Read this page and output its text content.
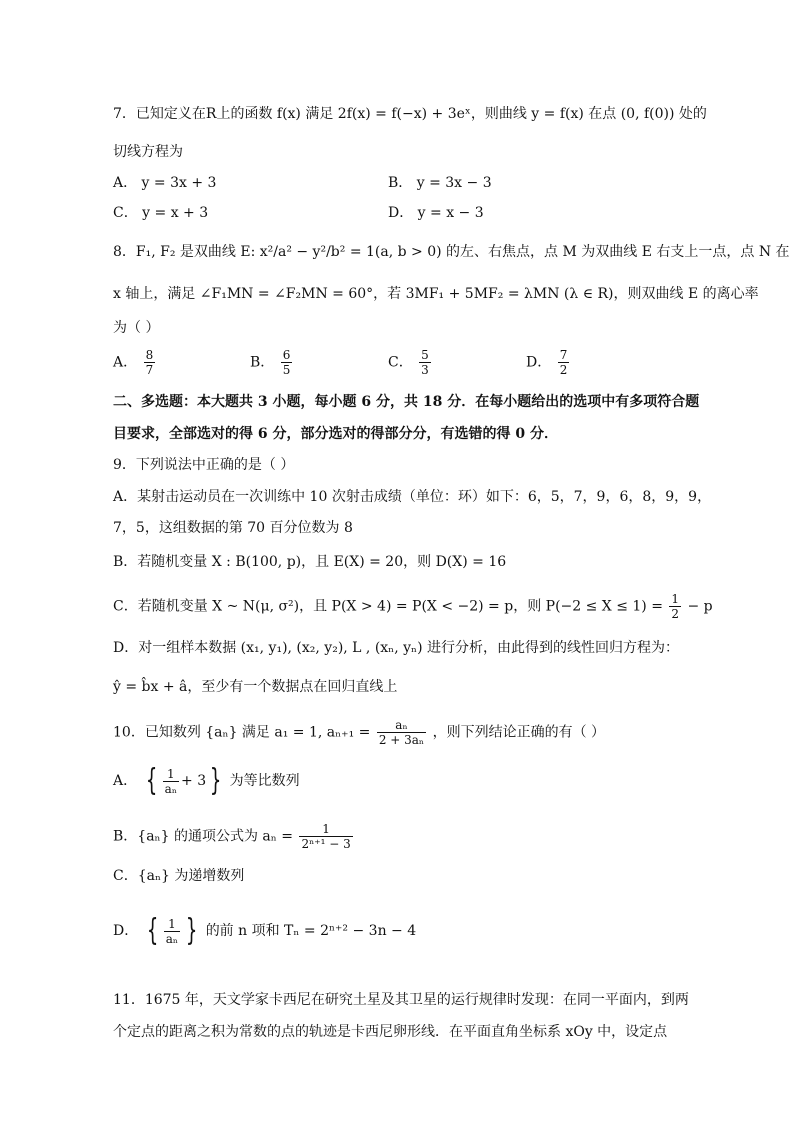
7．已知定义在R上的函数 f(x) 满足 2f(x) = f(−x) + 3eˣ，则曲线 y = f(x) 在点 (0, f(0)) 处的
切线方程为
A． y = 3x + 3	B． y = 3x − 3
C． y = x + 3	D． y = x − 3
8．F₁, F₂ 是双曲线 E: x²/a² − y²/b² = 1(a, b > 0) 的左、右焦点，点 M 为双曲线 E 右支上一点，点 N 在
x 轴上，满足 ∠F₁MN = ∠F₂MN = 60°，若 3MF₁ + 5MF₂ = λMN (λ ∈ R)，则双曲线 E 的离心率
为（ ）
A． $\frac{8}{7}$	B． $\frac{6}{5}$	C． $\frac{5}{3}$	D． $\frac{7}{2}$
二、多选题：本大题共 3 小题，每小题 6 分，共 18 分．在每小题给出的选项中有多项符合题
目要求，全部选对的得 6 分，部分选对的得部分分，有选错的得 0 分．
9．下列说法中正确的是（ ）
A．某射击运动员在一次训练中 10 次射击成绩（单位：环）如下：6，5，7，9，6，8，9，9，
7，5，这组数据的第 70 百分位数为 8
B．若随机变量 X : B(100, p)，且 E(X) = 20，则 D(X) = 16
C．若随机变量 X ~ N(μ, σ²)，且 P(X > 4) = P(X < −2) = p，则 $P(-2 \le X \le 1) = \frac{1}{2} - p$
D．对一组样本数据 (x₁, y₁), (x₂, y₂), L , (xₙ, yₙ) 进行分析，由此得到的线性回归方程为：
ŷ = b̂x + â，至少有一个数据点在回归直线上
10．已知数列 {aₙ} 满足 a₁ = 1, $a_{n+1} = \frac{\text{aₙ}}{\text{2 + 3aₙ}}$ ，则下列结论正确的有（ ）
A． { $\frac{1}{\text{aₙ}} + 3$ } 为等比数列
B．{aₙ} 的通项公式为 $a_n = \frac{1}{\text{2ⁿ⁺¹ − 3}}$
C．{aₙ} 为递增数列
D． { $\frac{1}{\text{aₙ}}$ } 的前 n 项和 Tₙ = 2ⁿ⁺² − 3n − 4
11．1675 年，天文学家卡西尼在研究土星及其卫星的运行规律时发现：在同一平面内，到两
个定点的距离之积为常数的点的轨迹是卡西尼卵形线．在平面直角坐标系 xOy 中，设定点
